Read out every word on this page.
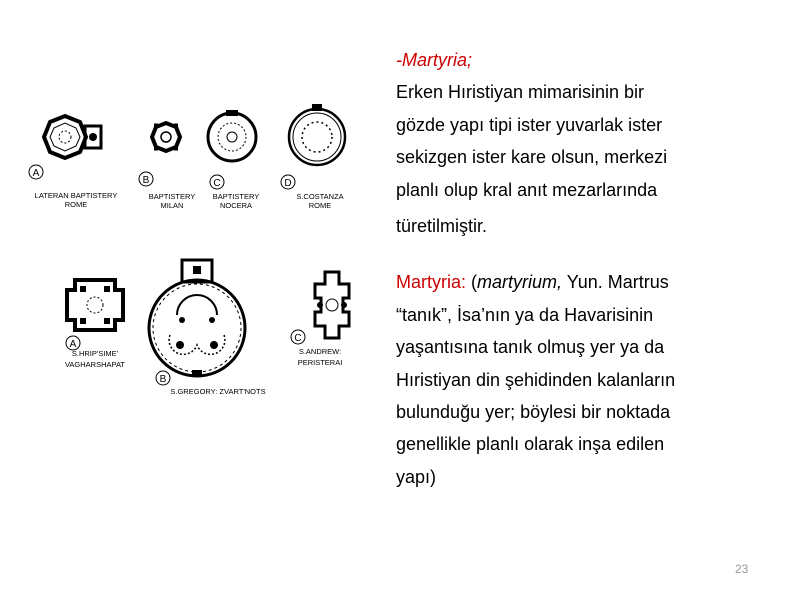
A
B	C	D
LATERAN BAPTISTERY
ROME
BAPTISTERY
MILAN
BAPTISTERY
NOCERA
S.COSTANZA
ROME
A
B
C
S.HRIP'SIME'
VAGHARSHAPAT
S.GREGORY: ZVART'NOTS
S.ANDREW:
PERISTERAI
-Martyria;
Erken Hıristiyan mimarisinin bir
gözde yapı tipi ister yuvarlak ister
sekizgen ister kare olsun, merkezi
planlı olup kral anıt mezarlarında
türetilmiştir.
Martyria: (martyrium, Yun. Martrus
“tanık”, İsa’nın ya da Havarisinin
yaşantısına tanık olmuş yer ya da
Hıristiyan din şehidinden kalanların
bulunduğu yer; böylesi bir noktada
genellikle planlı olarak inşa edilen
yapı)
23
